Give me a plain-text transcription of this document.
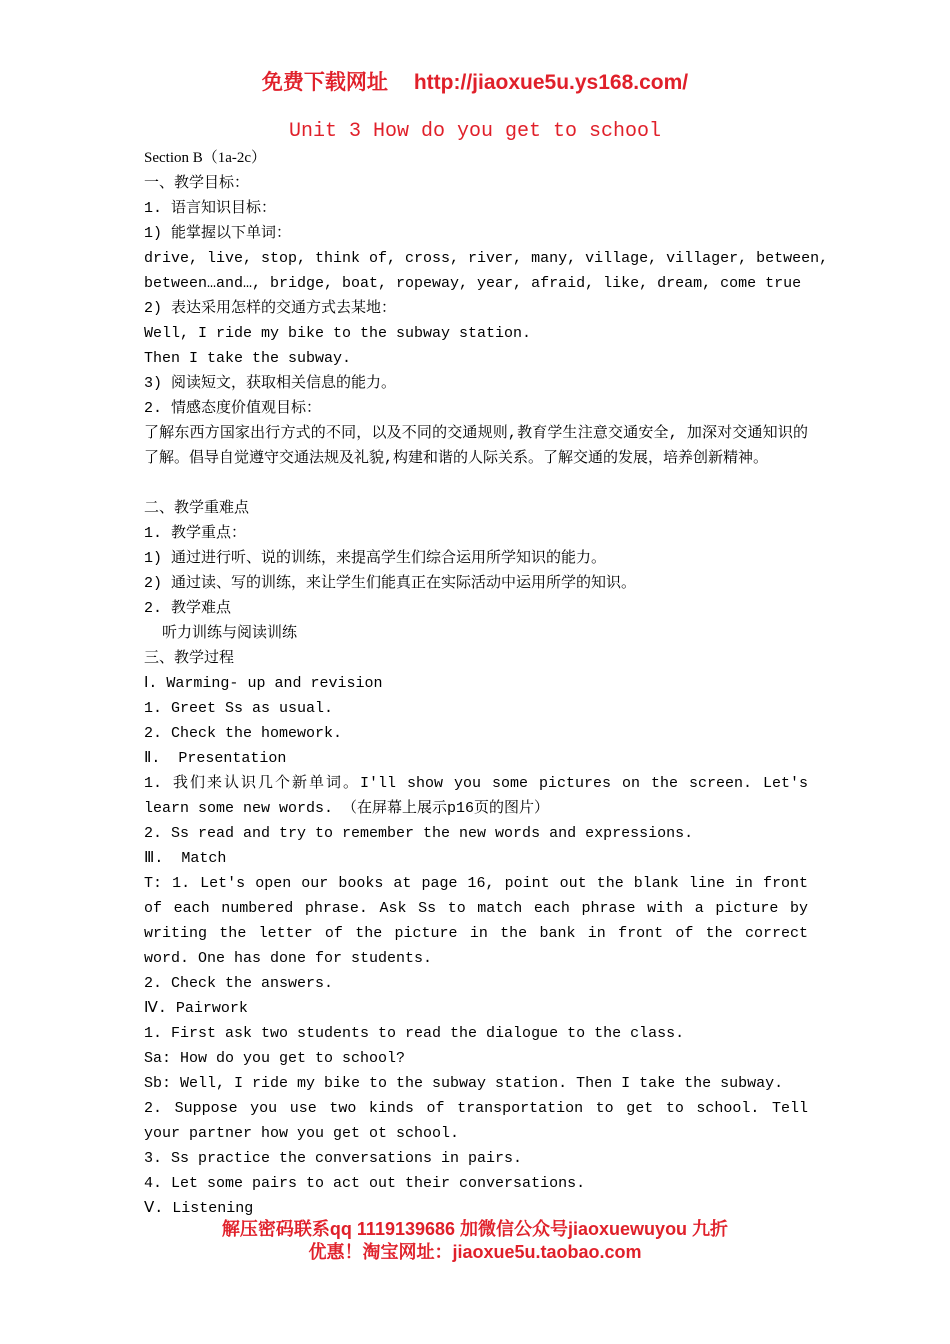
免费下载网址 http://jiaoxue5u.ys168.com/
Unit 3 How do you get to school
Section B（1a-2c）
一、教学目标：
1. 语言知识目标：
1) 能掌握以下单词：
drive, live, stop, think of, cross, river, many, village, villager, between,
between…and…, bridge, boat, ropeway, year, afraid, like, dream, come true
2) 表达采用怎样的交通方式去某地：
Well, I ride my bike to the subway station.
Then I take the subway.
3) 阅读短文，获取相关信息的能力。
2. 情感态度价值观目标：
了解东西方国家出行方式的不同，以及不同的交通规则,教育学生注意交通安全, 加深对交通知识的了解。倡导自觉遵守交通法规及礼貌,构建和谐的人际关系。了解交通的发展，培养创新精神。
二、教学重难点
1. 教学重点：
1) 通过进行听、说的训练，来提高学生们综合运用所学知识的能力。
2) 通过读、写的训练，来让学生们能真正在实际活动中运用所学的知识。
2. 教学难点
听力训练与阅读训练
三、教学过程
Ⅰ. Warming- up and revision
1. Greet Ss as usual.
2. Check the homework.
Ⅱ.  Presentation
1. 我们来认识几个新单词。I'll show you some pictures on the screen. Let's learn some new words. （在屏幕上展示p16页的图片）
2. Ss read and try to remember the new words and expressions.
Ⅲ.  Match
T: 1. Let's open our books at page 16, point out the blank line in front of each numbered phrase. Ask Ss to match each phrase with a picture by writing the letter of the picture in the bank in front of the correct word. One has done for students.
2. Check the answers.
Ⅳ. Pairwork
1. First ask two students to read the dialogue to the class.
Sa: How do you get to school?
Sb: Well, I ride my bike to the subway station. Then I take the subway.
2. Suppose you use two kinds of transportation to get to school. Tell your partner how you get ot school.
3. Ss practice the conversations in pairs.
4. Let some pairs to act out their conversations.
Ⅴ. Listening
解压密码联系qq 1119139686 加微信公众号jiaoxuewuyou 九折
优惠！淘宝网址：jiaoxue5u.taobao.com
